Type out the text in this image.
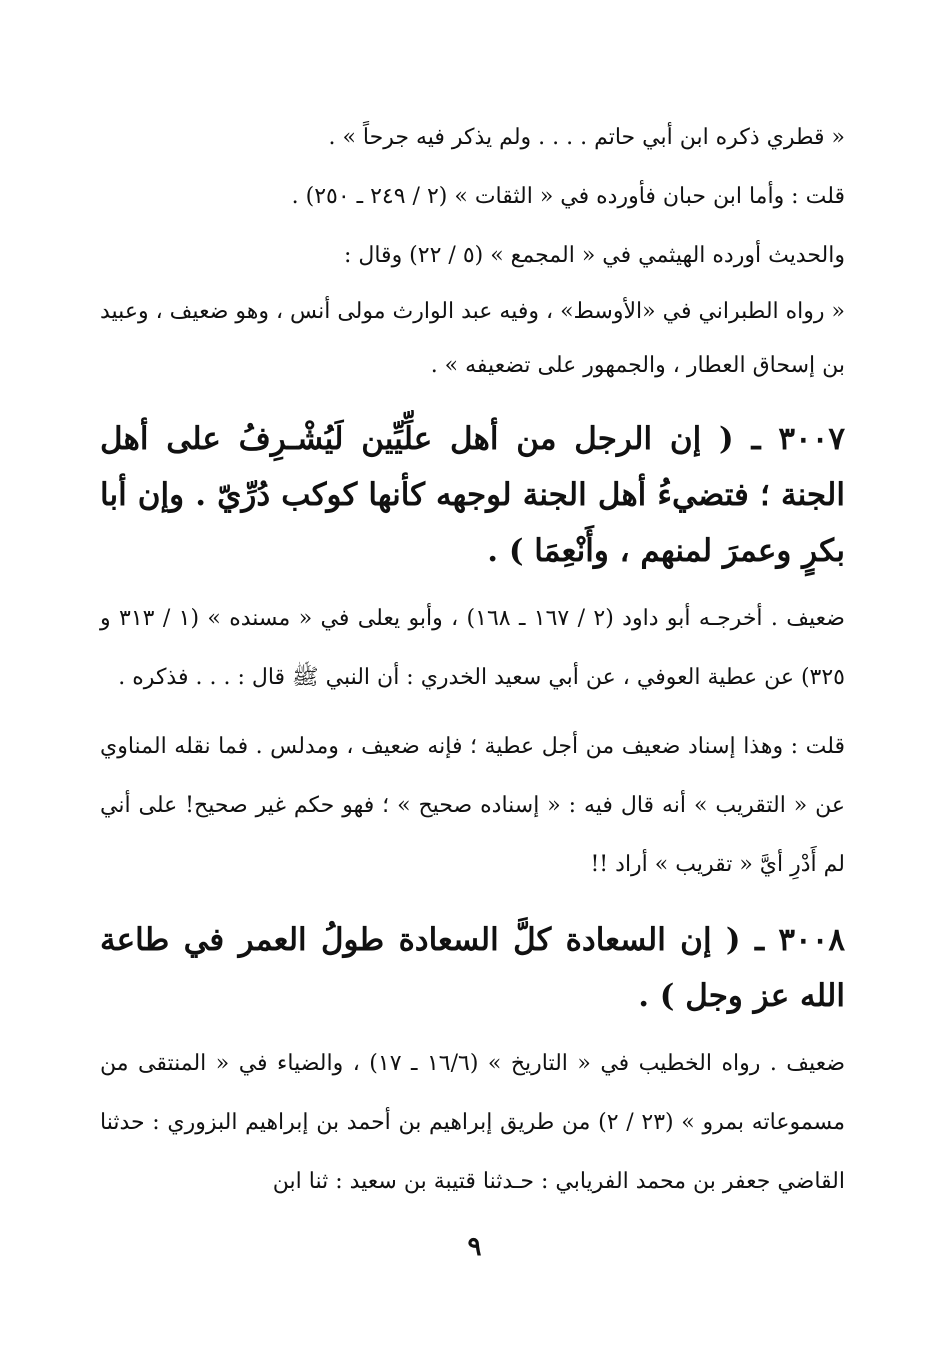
« قطري ذكره ابن أبي حاتم . . . . ولم يذكر فيه جرحاً » .

قلت : وأما ابن حبان فأورده في « الثقات » (٢ / ٢٤٩ ـ ٢٥٠) .

والحديث أورده الهيثمي في « المجمع » (٥ / ٢٢) وقال :

« رواه الطبراني في «الأوسط» ، وفيه عبد الوارث مولى أنس ، وهو ضعيف ، وعبيد بن إسحاق العطار ، والجمهور على تضعيفه » .

٣٠٠٧ ـ ( إن الرجل من أهل علِّيِّين لَيُشْـرِفُ على أهل الجنة ؛ فتضيءُ أهل الجنة لوجهه كأنها كوكب دُرِّيّ . وإن أبا بكرٍ وعمرَ لمنهم ، وأَنْعِمَا ) .

ضعيف . أخرجـه أبو داود (٢ / ١٦٧ ـ ١٦٨) ، وأبو يعلى في « مسنده » (١ / ٣١٣ و ٣٢٥) عن عطية العوفي ، عن أبي سعيد الخدري : أن النبي ﷺ قال : . . . فذكره .

قلت : وهذا إسناد ضعيف من أجل عطية ؛ فإنه ضعيف ، ومدلس . فما نقله المناوي عن « التقريب » أنه قال فيه : « إسناده صحيح » ؛ فهو حكم غير صحيح! على أني لم أَدْرِ أيَّ « تقريب » أراد !!

٣٠٠٨ ـ ( إن السعادة كلَّ السعادة طولُ العمر في طاعة الله عز وجل ) .

ضعيف . رواه الخطيب في « التاريخ » (١٦/٦ ـ ١٧) ، والضياء في « المنتقى من مسموعاته بمرو » (٢٣ / ٢) من طريق إبراهيم بن أحمد بن إبراهيم البزوري : حدثنا القاضي جعفر بن محمد الفريابي : حـدثنا قتيبة بن سعيد : ثنا ابن

٩
